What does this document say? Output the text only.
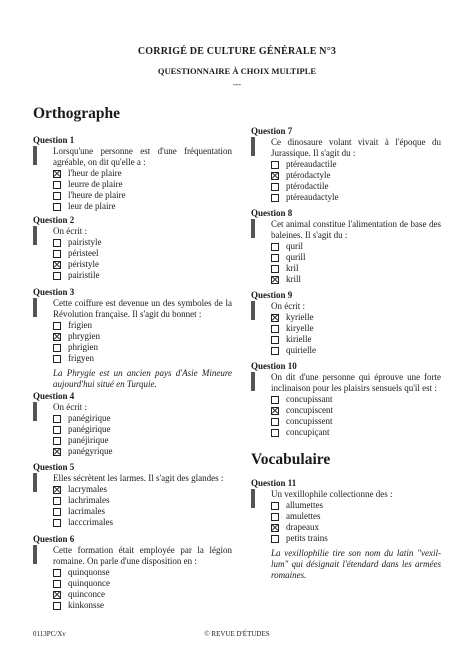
CORRIGÉ DE CULTURE GÉNÉRALE N°3
QUESTIONNAIRE À CHOIX MULTIPLE
---
Orthographe
Vocabulaire
Question 1
Lorsqu'une personne est d'une fréquentation agréable, on dit qu'elle a :
l'heur de plaire
leurre de plaire
l'heure de plaire
leur de plaire
Question 2
On écrit :
pairistyle
péristeel
péristyle
pairistile
Question 3
Cette coiffure est devenue un des symboles de la Révolution française. Il s'agit du bonnet :
frigien
phrygien
phrigien
frigyen
La Phrygie est un ancien pays d'Asie Mineure aujourd'hui situé en Turquie.
Question 4
On écrit :
panégirique
panégirique
panéjirique
panégyrique
Question 5
Elles sécrètent les larmes. Il s'agit des glandes :
lacrymales
lachrimales
lacrimales
lacccrimales
Question 6
Cette formation était employée par la légion romaine. On parle d'une disposition en :
quinquonse
quinquonce
quinconce
kinkonsse
Question 7
Ce dinosaure volant vivait à l'époque du Jurassique. Il s'agit du :
ptéreaudactile
ptérodactyle
ptérodactile
ptéreaudactyle
Question 8
Cet animal constitue l'alimentation de base des baleines. Il s'agit du :
quril
qurill
kril
krill
Question 9
On écrit :
kyrielle
kiryelle
kirielle
quirielle
Question 10
On dit d'une personne qui éprouve une forte inclinaison pour les plaisirs sensuels qu'il est :
concupissant
concupiscent
concupissent
concupiçant
Question 11
Un vexillophile collectionne des :
allumettes
amulettes
drapeaux
petits trains
La vexillophilie tire son nom du latin "vexil-lum" qui désignait l'étendard dans les armées romaines.
0113PC/Xv	© REVUE D'ÉTUDES
